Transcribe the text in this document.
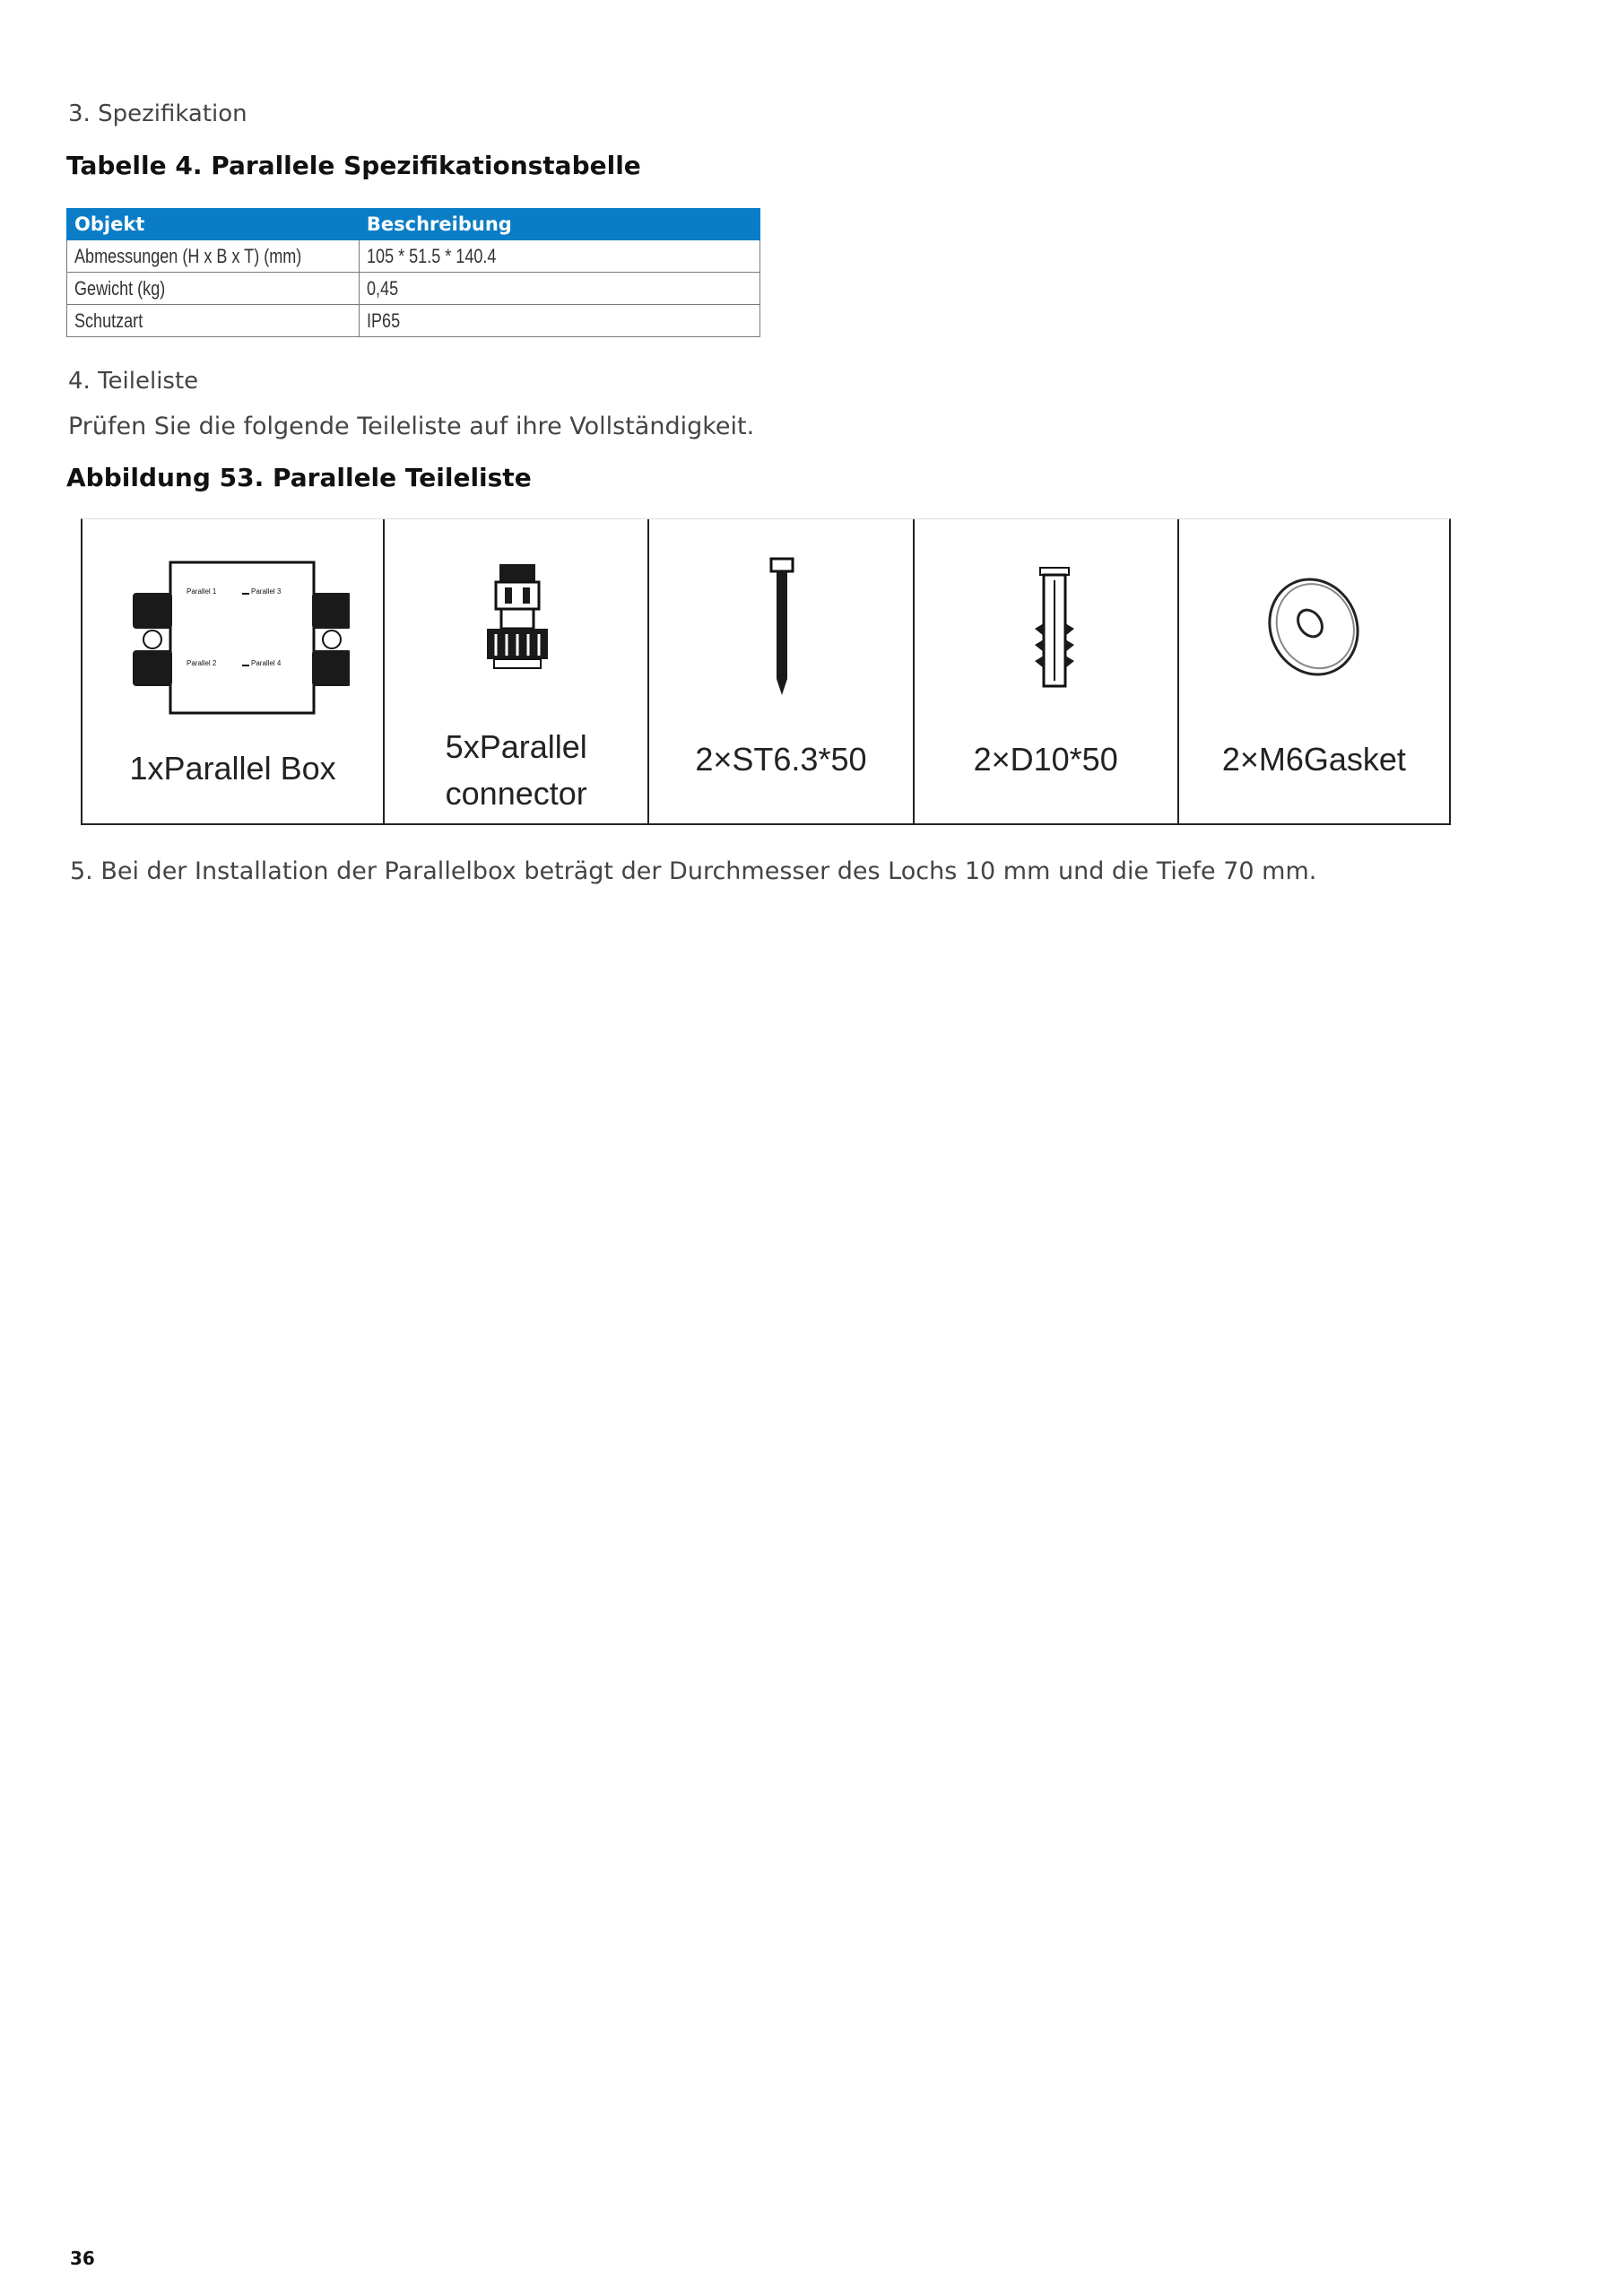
3. Spezifikation
Tabelle 4. Parallele Spezifikationstabelle
Objekt	Beschreibung
Abmessungen (H x B x T) (mm)	105 * 51.5 * 140.4
Gewicht (kg)	0,45
Schutzart	IP65
4. Teileliste
Prüfen Sie die folgende Teileliste auf ihre Vollständigkeit.
Abbildung 53. Parallele Teileliste
Parallel 1	Parallel 3
Parallel 2	Parallel 4
1xParallel Box
5xParallel
connector
2×ST6.3*50	2×D10*50	2×M6Gasket
5. Bei der Installation der Parallelbox beträgt der Durchmesser des Lochs 10 mm und die Tiefe 70 mm.
36
